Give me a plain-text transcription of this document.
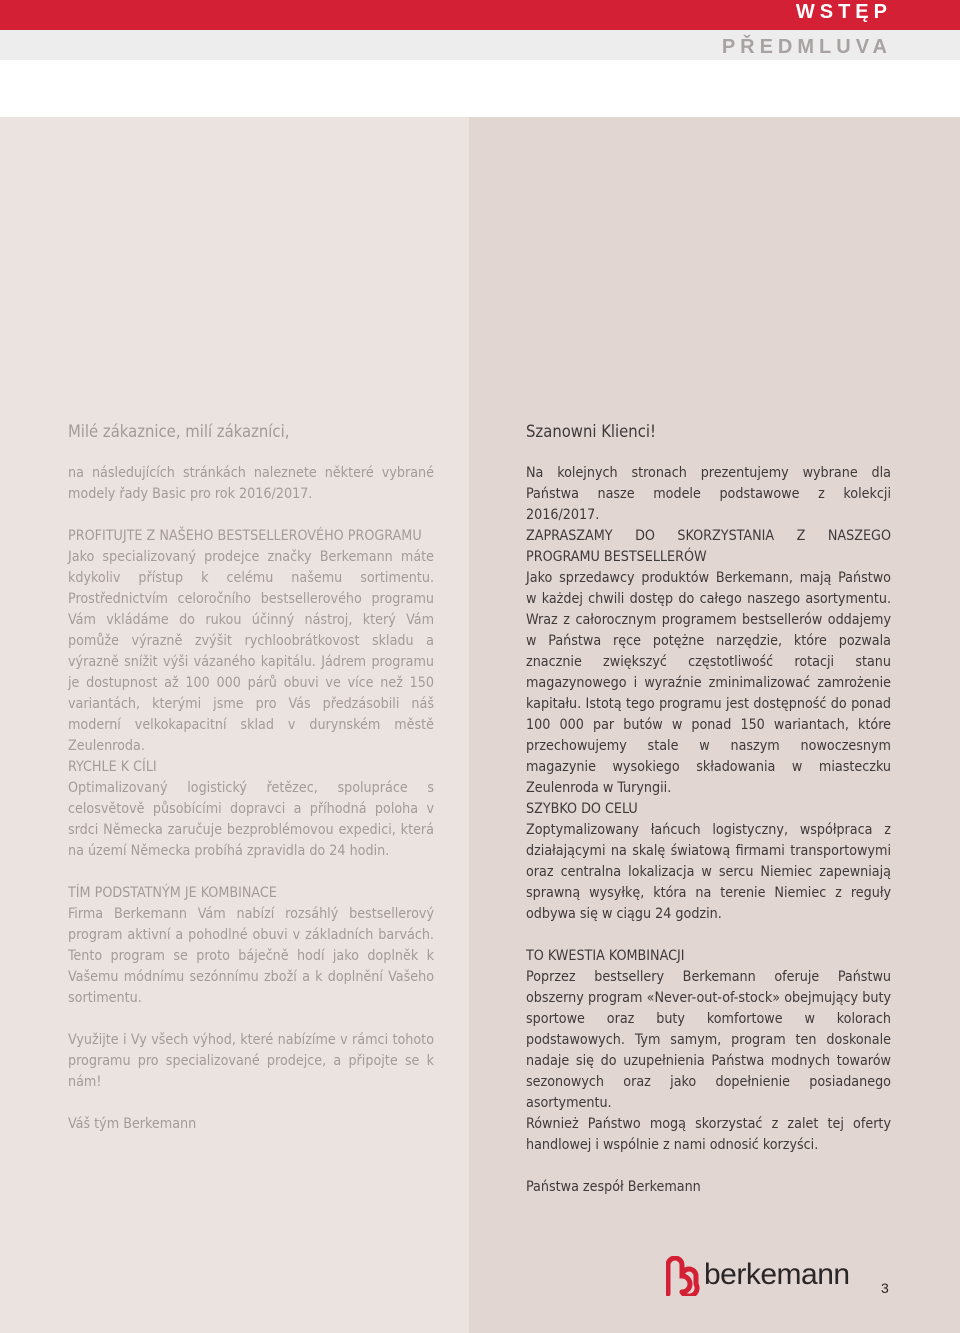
WSTĘP
PŘEDMLUVA

Milé zákaznice, milí zákazníci,

na následujících stránkách naleznete některé vybrané modely řady Basic pro rok 2016/2017.

PROFITUJTE Z NAŠEHO BESTSELLEROVÉHO PROGRAMU

Jako specializovaný prodejce značky Berkemann máte kdykoliv přístup k celému našemu sortimentu. Prostřednictvím celoročního bestsellerového programu Vám vkládáme do rukou účinný nástroj, který Vám pomůže výrazně zvýšit rychloobrátkovost skladu a výrazně snížit výši vázaného kapitálu. Jádrem programu je dostupnost až 100 000 párů obuvi ve více než 150 variantách, kterými jsme pro Vás předzásobili náš moderní velkokapacitní sklad v durynském městě Zeulenroda.

RYCHLE K CÍLI

Optimalizovaný logistický řetězec, spolupráce s celosvětově působícími dopravci a příhodná poloha v srdci Německa zaručuje bezproblémovou expedici, která na území Německa probíhá zpravidla do 24 hodin.

TÍM PODSTATNÝM JE KOMBINACE

Firma Berkemann Vám nabízí rozsáhlý bestsellerový program aktivní a pohodlné obuvi v základních barvách. Tento program se proto báječně hodí jako doplněk k Vašemu módnímu sezónnímu zboží a k doplnění Vašeho sortimentu.

Využijte i Vy všech výhod, které nabízíme v rámci tohoto programu pro specializované prodejce, a připojte se k nám!

Váš tým Berkemann

Szanowni Klienci!

Na kolejnych stronach prezentujemy wybrane dla Państwa nasze modele podstawowe z kolekcji 2016/2017.

ZAPRASZAMY DO SKORZYSTANIA Z NASZEGO PROGRAMU BESTSELLERÓW

Jako sprzedawcy produktów Berkemann, mają Państwo w każdej chwili dostęp do całego naszego asortymentu. Wraz z całorocznym programem bestsellerów oddajemy w Państwa ręce potężne narzędzie, które pozwala znacznie zwiększyć częstotliwość rotacji stanu magazynowego i wyraźnie zminimalizować zamrożenie kapitału. Istotą tego programu jest dostępność do ponad 100 000 par butów w ponad 150 wariantach, które przechowujemy stale w naszym nowoczesnym magazynie wysokiego składowania w miasteczku Zeulenroda w Turyngii.

SZYBKO DO CELU

Zoptymalizowany łańcuch logistyczny, współpraca z działającymi na skalę światową firmami transportowymi oraz centralna lokalizacja w sercu Niemiec zapewniają sprawną wysyłkę, która na terenie Niemiec z reguły odbywa się w ciągu 24 godzin.

TO KWESTIA KOMBINACJI

Poprzez bestsellery Berkemann oferuje Państwu obszerny program «Never-out-of-stock» obejmujący buty sportowe oraz buty komfortowe w kolorach podstawowych. Tym samym, program ten doskonale nadaje się do uzupełnienia Państwa modnych towarów sezonowych oraz jako dopełnienie posiadanego asortymentu.

Również Państwo mogą skorzystać z zalet tej oferty handlowej i wspólnie z nami odnosić korzyści.

Państwa zespół Berkemann

berkemann 3
